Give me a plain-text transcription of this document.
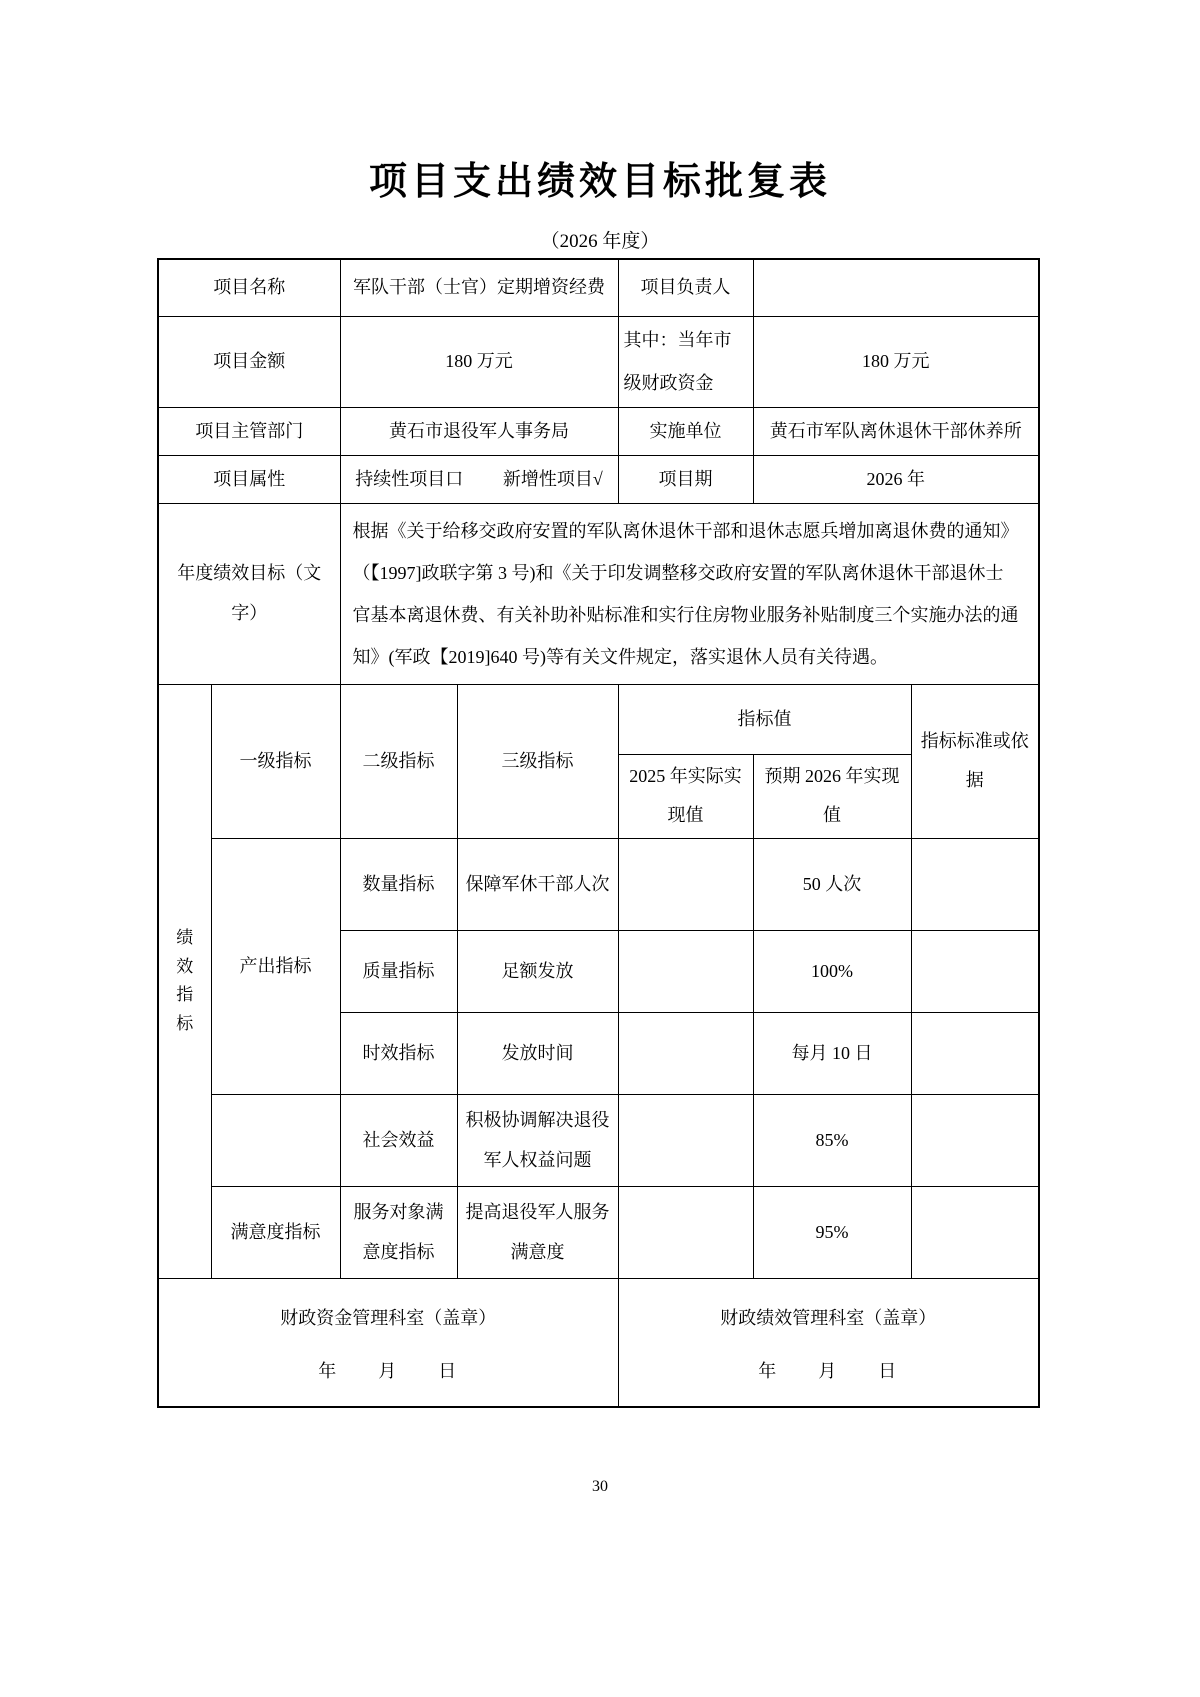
项目支出绩效目标批复表
（2026 年度）
项目名称		军队干部（士官）定期增资经费		项目负责人		
项目金额		180 万元		其中：当年市级财政资金	180 万元	
项目主管部门		黄石市退役军人事务局		实施单位	黄石市军队离休退休干部休养所	
项目属性		持续性项目口 新增性项目√		项目期	2026 年	
年度绩效目标（文字）		根据《关于给移交政府安置的军队离休退休干部和退休志愿兵增加离退休费的通知》
（【1997]政联字第 3 号)和《关于印发调整移交政府安置的军队离休退休干部退休士
官基本离退休费、有关补助补贴标准和实行住房物业服务补贴制度三个实施办法的通
知》(军政【2019]640 号)等有关文件规定，落实退休人员有关待遇。				

绩效指标	一级指标	二级指标	三级指标	指标值		指标标准或依据
				2025 年实际实现值	预期 2026 年实现值	
	产出指标	数量指标	保障军休干部人次		50 人次	
		质量指标	足额发放		100%	
		时效指标	发放时间		每月 10 日	
		社会效益	积极协调解决退役军人权益问题		85%	
	满意度指标	服务对象满意度指标	提高退役军人服务满意度		95%	

财政资金管理科室（盖章）
年　　月　　日

财政绩效管理科室（盖章）
年　　月　　日
30
